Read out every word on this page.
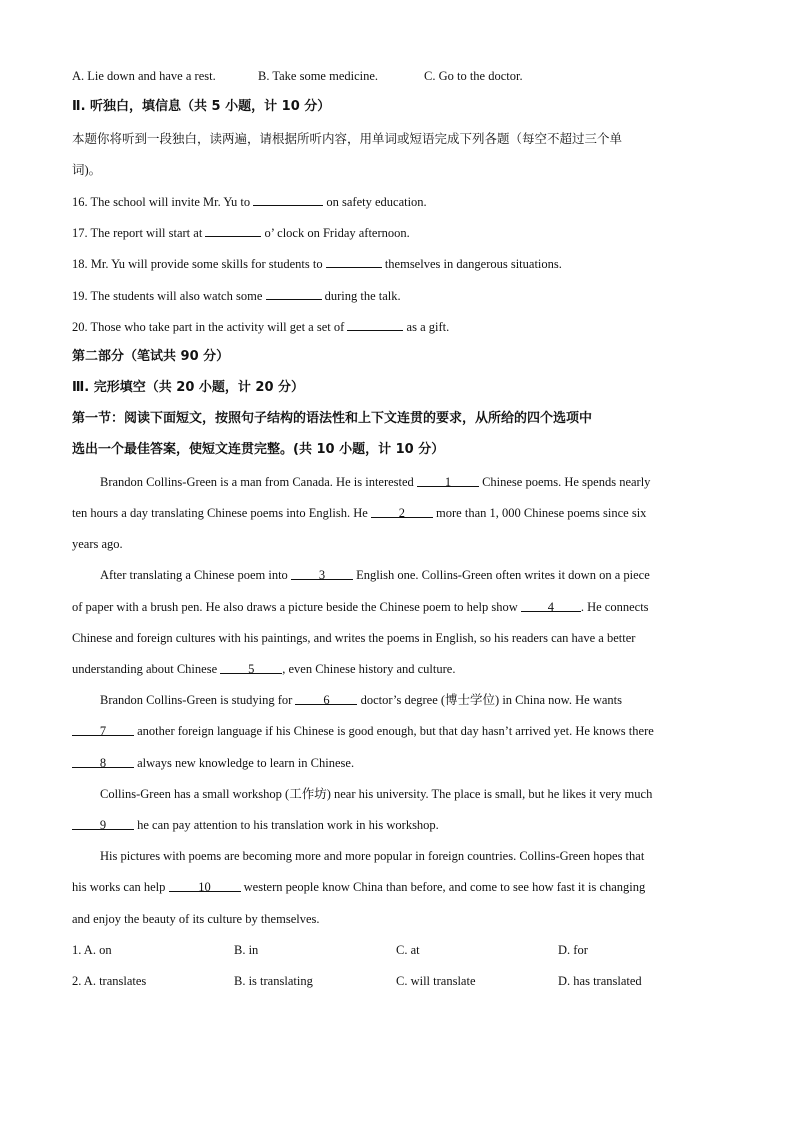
A. Lie down and have a rest.	B. Take some medicine.	C. Go to the doctor.
Ⅱ. 听独白，填信息（共 5 小题，计 10 分）
本题你将听到一段独白，读两遍，请根据所听内容，用单词或短语完成下列各题（每空不超过三个单
词)。
16. The school will invite Mr. Yu to	on safety education.
17. The report will start at	o’ clock on Friday afternoon.
18. Mr. Yu will provide some skills for students to	themselves in dangerous situations.
19. The students will also watch some	during the talk.
20. Those who take part in the activity will get a set of	as a gift.
第二部分（笔试共 90 分）
Ⅲ. 完形填空（共 20 小题，计 20 分）
第一节：阅读下面短文，按照句子结构的语法性和上下文连贯的要求，从所给的四个选项中
选出一个最佳答案，使短文连贯完整。(共 10 小题，计 10 分）
Brandon Collins-Green is a man from Canada. He is interested 1 Chinese poems. He spends nearly
ten hours a day translating Chinese poems into English. He 2 more than 1, 000 Chinese poems since six
years ago.
After translating a Chinese poem into 3 English one. Collins-Green often writes it down on a piece
of paper with a brush pen. He also draws a picture beside the Chinese poem to help show 4 . He connects
Chinese and foreign cultures with his paintings, and writes the poems in English, so his readers can have a better
understanding about Chinese 5 , even Chinese history and culture.
Brandon Collins-Green is studying for 6 doctor’s degree (博士学位) in China now. He wants
7 another foreign language if his Chinese is good enough, but that day hasn’t arrived yet. He knows there
8 always new knowledge to learn in Chinese.
Collins-Green has a small workshop (工作坊) near his university. The place is small, but he likes it very much
9 he can pay attention to his translation work in his workshop.
His pictures with poems are becoming more and more popular in foreign countries. Collins-Green hopes that
his works can help	10	western people know China than before, and come to see how fast it is changing
and enjoy the beauty of its culture by themselves.
1. A. on	B. in	C. at	D. for
2. A. translates	B. is translating	C. will translate	D. has translated
